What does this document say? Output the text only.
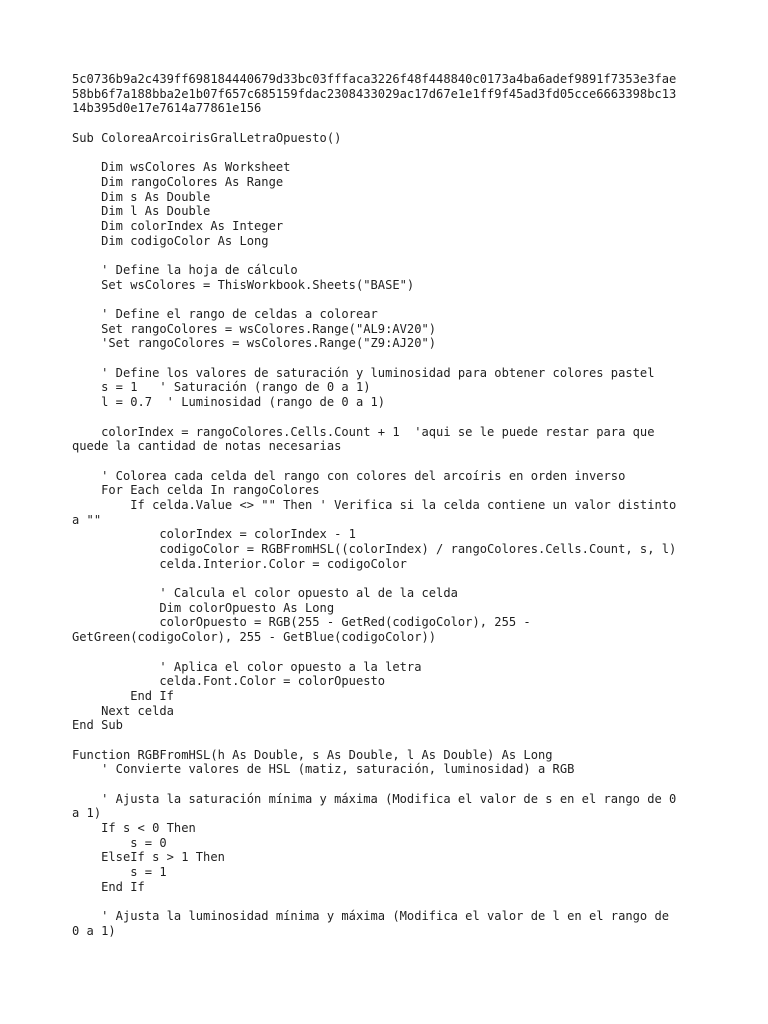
5c0736b9a2c439ff698184440679d33bc03fffaca3226f48f448840c0173a4ba6adef9891f7353e3fae
58bb6f7a188bba2e1b07f657c685159fdac2308433029ac17d67e1e1ff9f45ad3fd05cce6663398bc13
14b395d0e17e7614a77861e156
Sub ColoreaArcoirisGralLetraOpuesto()
Dim wsColores As Worksheet
Dim rangoColores As Range
Dim s As Double
Dim l As Double
Dim colorIndex As Integer
Dim codigoColor As Long
' Define la hoja de cálculo
Set wsColores = ThisWorkbook.Sheets("BASE")
' Define el rango de celdas a colorear
Set rangoColores = wsColores.Range("AL9:AV20")
'Set rangoColores = wsColores.Range("Z9:AJ20")
' Define los valores de saturación y luminosidad para obtener colores pastel
s = 1   ' Saturación (rango de 0 a 1)
l = 0.7  ' Luminosidad (rango de 0 a 1)
colorIndex = rangoColores.Cells.Count + 1  'aqui se le puede restar para que
quede la cantidad de notas necesarias
' Colorea cada celda del rango con colores del arcoíris en orden inverso
For Each celda In rangoColores
If celda.Value <> "" Then ' Verifica si la celda contiene un valor distinto
a ""
colorIndex = colorIndex - 1
codigoColor = RGBFromHSL((colorIndex) / rangoColores.Cells.Count, s, l)
celda.Interior.Color = codigoColor
' Calcula el color opuesto al de la celda
Dim colorOpuesto As Long
colorOpuesto = RGB(255 - GetRed(codigoColor), 255 -
GetGreen(codigoColor), 255 - GetBlue(codigoColor))
' Aplica el color opuesto a la letra
celda.Font.Color = colorOpuesto
End If
Next celda
End Sub
Function RGBFromHSL(h As Double, s As Double, l As Double) As Long
' Convierte valores de HSL (matiz, saturación, luminosidad) a RGB
' Ajusta la saturación mínima y máxima (Modifica el valor de s en el rango de 0
a 1)
If s < 0 Then
s = 0
ElseIf s > 1 Then
s = 1
End If
' Ajusta la luminosidad mínima y máxima (Modifica el valor de l en el rango de
0 a 1)
